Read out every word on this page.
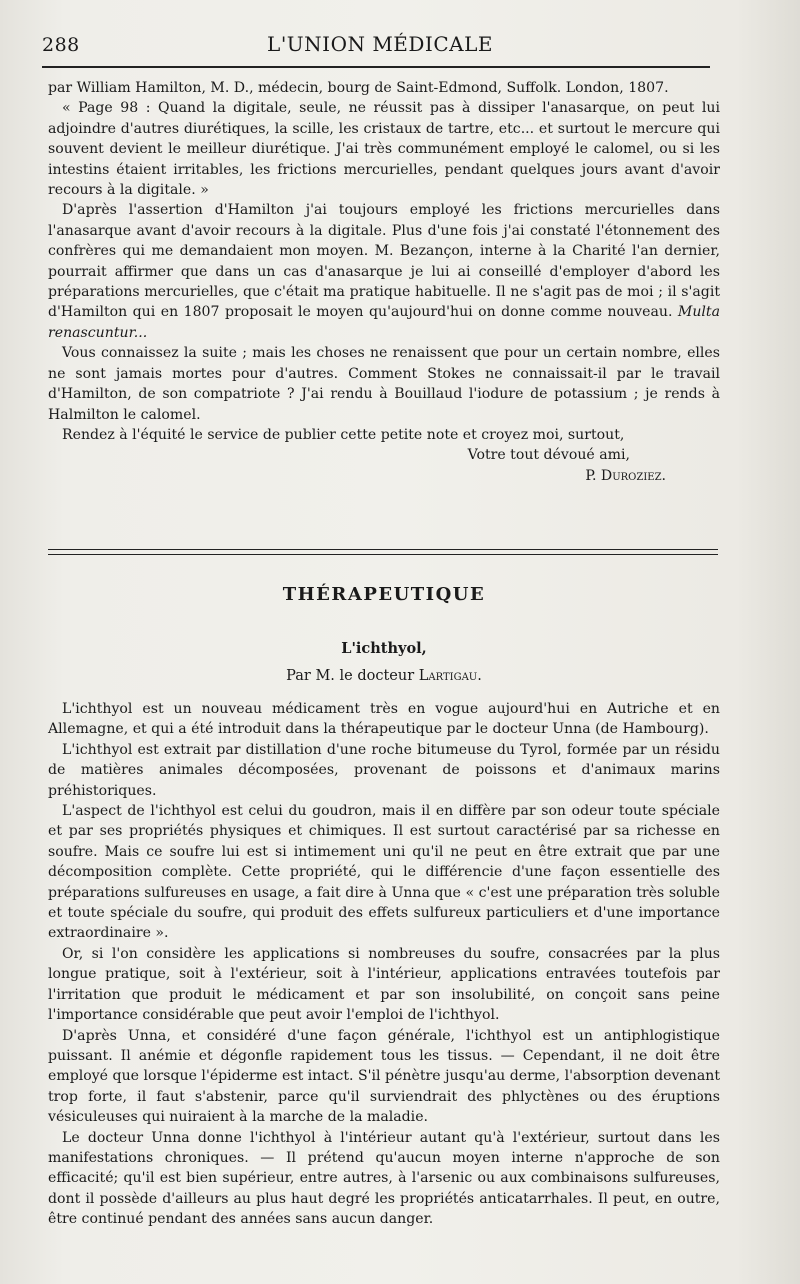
288	L'UNION MÉDICALE

par William Hamilton, M. D., médecin, bourg de Saint-Edmond, Suffolk. London, 1807.

« Page 98 : Quand la digitale, seule, ne réussit pas à dissiper l'anasarque, on peut lui adjoindre d'autres diurétiques, la scille, les cristaux de tartre, etc... et surtout le mercure qui souvent devient le meilleur diurétique. J'ai très communément employé le calomel, ou si les intestins étaient irritables, les frictions mercurielles, pendant quelques jours avant d'avoir recours à la digitale. »

D'après l'assertion d'Hamilton j'ai toujours employé les frictions mercurielles dans l'anasarque avant d'avoir recours à la digitale. Plus d'une fois j'ai constaté l'étonnement des confrères qui me demandaient mon moyen. M. Bezançon, interne à la Charité l'an dernier, pourrait affirmer que dans un cas d'anasarque je lui ai conseillé d'employer d'abord les préparations mercurielles, que c'était ma pratique habituelle. Il ne s'agit pas de moi ; il s'agit d'Hamilton qui en 1807 proposait le moyen qu'aujourd'hui on donne comme nouveau. Multa renascuntur...

Vous connaissez la suite ; mais les choses ne renaissent que pour un certain nombre, elles ne sont jamais mortes pour d'autres. Comment Stokes ne connaissait-il par le travail d'Hamilton, de son compatriote ? J'ai rendu à Bouillaud l'iodure de potassium ; je rends à Halmilton le calomel.

Rendez à l'équité le service de publier cette petite note et croyez moi, surtout,

Votre tout dévoué ami,

P. Duroziez.

THÉRAPEUTIQUE
L'ichthyol,
Par M. le docteur Lartigau.

L'ichthyol est un nouveau médicament très en vogue aujourd'hui en Autriche et en Allemagne, et qui a été introduit dans la thérapeutique par le docteur Unna (de Hambourg).

L'ichthyol est extrait par distillation d'une roche bitumeuse du Tyrol, formée par un résidu de matières animales décomposées, provenant de poissons et d'animaux marins préhistoriques.

L'aspect de l'ichthyol est celui du goudron, mais il en diffère par son odeur toute spéciale et par ses propriétés physiques et chimiques. Il est surtout caractérisé par sa richesse en soufre. Mais ce soufre lui est si intimement uni qu'il ne peut en être extrait que par une décomposition complète. Cette propriété, qui le différencie d'une façon essentielle des préparations sulfureuses en usage, a fait dire à Unna que « c'est une préparation très soluble et toute spéciale du soufre, qui produit des effets sulfureux particuliers et d'une importance extraordinaire ».

Or, si l'on considère les applications si nombreuses du soufre, consacrées par la plus longue pratique, soit à l'extérieur, soit à l'intérieur, applications entravées toutefois par l'irritation que produit le médicament et par son insolubilité, on conçoit sans peine l'importance considérable que peut avoir l'emploi de l'ichthyol.

D'après Unna, et considéré d'une façon générale, l'ichthyol est un antiphlogistique puissant. Il anémie et dégonfle rapidement tous les tissus. — Cependant, il ne doit être employé que lorsque l'épiderme est intact. S'il pénètre jusqu'au derme, l'absorption devenant trop forte, il faut s'abstenir, parce qu'il surviendrait des phlyctènes ou des éruptions vésiculeuses qui nuiraient à la marche de la maladie.

Le docteur Unna donne l'ichthyol à l'intérieur autant qu'à l'extérieur, surtout dans les manifestations chroniques. — Il prétend qu'aucun moyen interne n'approche de son efficacité; qu'il est bien supérieur, entre autres, à l'arsenic ou aux combinaisons sulfureuses, dont il possède d'ailleurs au plus haut degré les propriétés anticatarrhales. Il peut, en outre, être continué pendant des années sans aucun danger.
